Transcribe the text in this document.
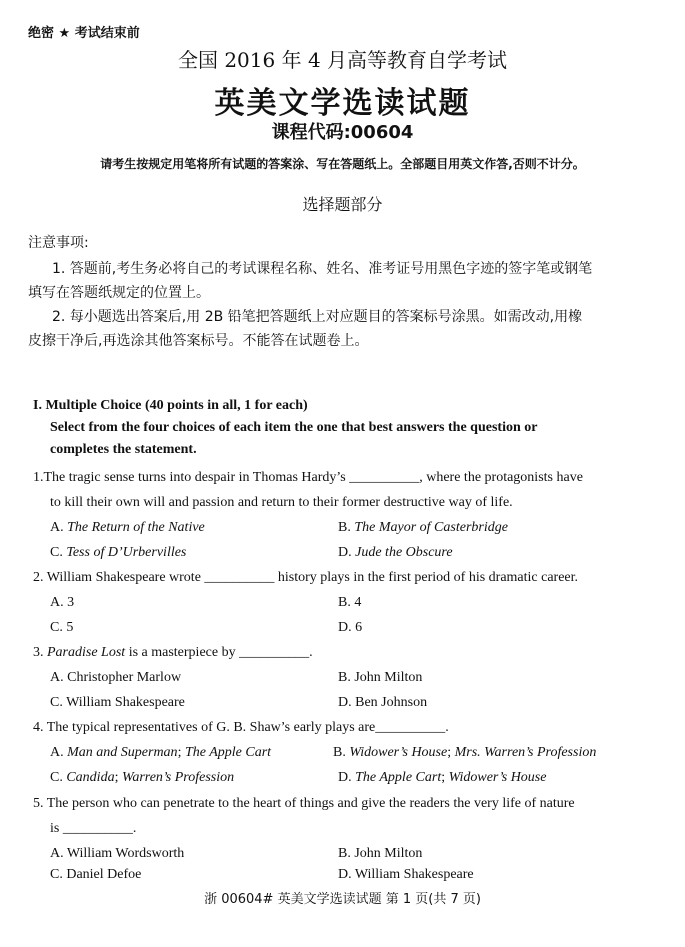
绝密 ★ 考试结束前
全国 2016 年 4 月高等教育自学考试
英美文学选读试题
课程代码:00604
请考生按规定用笔将所有试题的答案涂、写在答题纸上。全部题目用英文作答,否则不计分。
选择题部分
注意事项:
1. 答题前,考生务必将自己的考试课程名称、姓名、准考证号用黑色字迹的签字笔或钢笔
填写在答题纸规定的位置上。
2. 每小题选出答案后,用 2B 铅笔把答题纸上对应题目的答案标号涂黑。如需改动,用橡
皮擦干净后,再选涂其他答案标号。不能答在试题卷上。
I. Multiple Choice (40 points in all, 1 for each)
Select from the four choices of each item the one that best answers the question or
completes the statement.
1.The tragic sense turns into despair in Thomas Hardy’s __________, where the protagonists have
to kill their own will and passion and return to their former destructive way of life.
A. The Return of the Native	B. The Mayor of Casterbridge
C. Tess of D’Urbervilles	D. Jude the Obscure
2. William Shakespeare wrote __________ history plays in the first period of his dramatic career.
A. 3	B. 4
C. 5	D. 6
3. Paradise Lost is a masterpiece by __________.
A. Christopher Marlow	B. John Milton
C. William Shakespeare	D. Ben Johnson
4. The typical representatives of G. B. Shaw’s early plays are__________.
A. Man and Superman; The Apple Cart	B. Widower’s House; Mrs. Warren’s Profession
C. Candida; Warren’s Profession	D. The Apple Cart; Widower’s House
5. The person who can penetrate to the heart of things and give the readers the very life of nature
is __________.
A. William Wordsworth	B. John Milton
C. Daniel Defoe	D. William Shakespeare
浙 00604# 英美文学选读试题 第 1 页(共 7 页)
